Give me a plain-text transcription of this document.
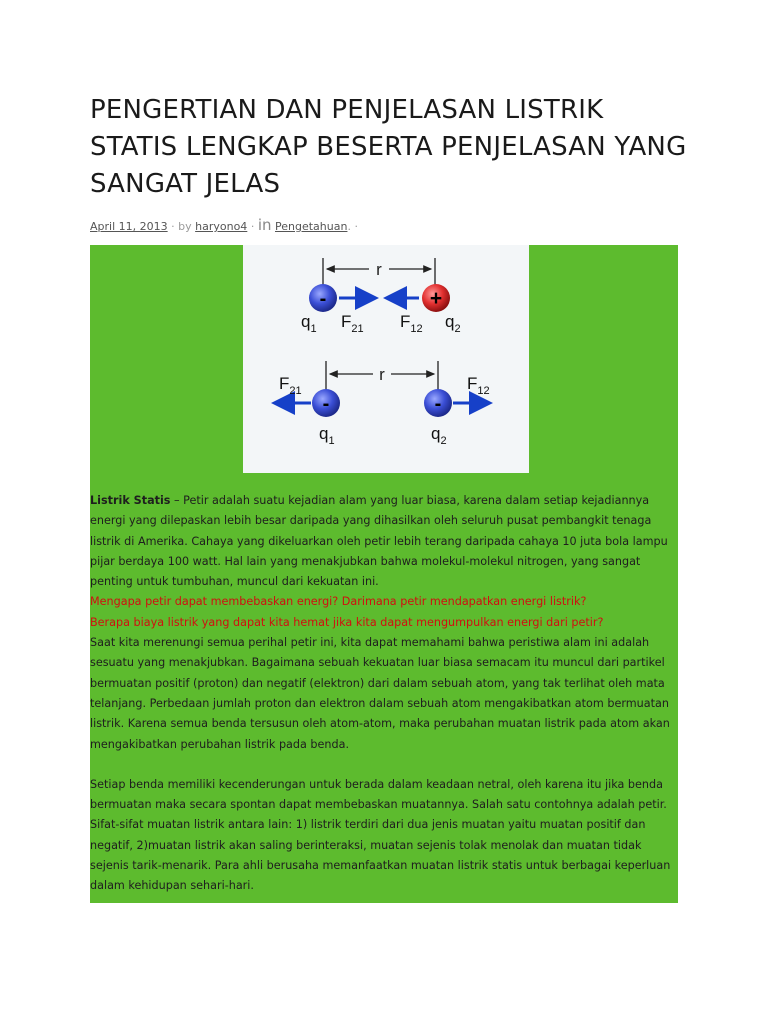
PENGERTIAN DAN PENJELASAN LISTRIK STATIS LENGKAP BESERTA PENJELASAN YANG SANGAT JELAS
April 11, 2013 · by haryono4 · in Pengetahuan. ·
r
-	+
$q_1$ $F_{21}$ $F_{12}$ $q_2$
r
-	-
$F_{21}$	$F_{12}$
$q_1$	$q_2$

Listrik Statis – Petir adalah suatu kejadian alam yang luar biasa, karena dalam setiap kejadiannya energi yang dilepaskan lebih besar daripada yang dihasilkan oleh seluruh pusat pembangkit tenaga listrik di Amerika. Cahaya yang dikeluarkan oleh petir lebih terang daripada cahaya 10 juta bola lampu pijar berdaya 100 watt. Hal lain yang menakjubkan bahwa molekul-molekul nitrogen, yang sangat penting untuk tumbuhan, muncul dari kekuatan ini.

Mengapa petir dapat membebaskan energi? Darimana petir mendapatkan energi listrik?

Berapa biaya listrik yang dapat kita hemat jika kita dapat mengumpulkan energi dari petir?

Saat kita merenungi semua perihal petir ini, kita dapat memahami bahwa peristiwa alam ini adalah sesuatu yang menakjubkan. Bagaimana sebuah kekuatan luar biasa semacam itu muncul dari partikel bermuatan positif (proton) dan negatif (elektron) dari dalam sebuah atom, yang tak terlihat oleh mata telanjang. Perbedaan jumlah proton dan elektron dalam sebuah atom mengakibatkan atom bermuatan listrik. Karena semua benda tersusun oleh atom-atom, maka perubahan muatan listrik pada atom akan mengakibatkan perubahan listrik pada benda.

Setiap benda memiliki kecenderungan untuk berada dalam keadaan netral, oleh karena itu jika benda bermuatan maka secara spontan dapat membebaskan muatannya. Salah satu contohnya adalah petir. Sifat-sifat muatan listrik antara lain: 1) listrik terdiri dari dua jenis muatan yaitu muatan positif dan negatif, 2)muatan listrik akan saling berinteraksi, muatan sejenis tolak menolak dan muatan tidak sejenis tarik-menarik. Para ahli berusaha memanfaatkan muatan listrik statis untuk berbagai keperluan dalam kehidupan sehari-hari.
